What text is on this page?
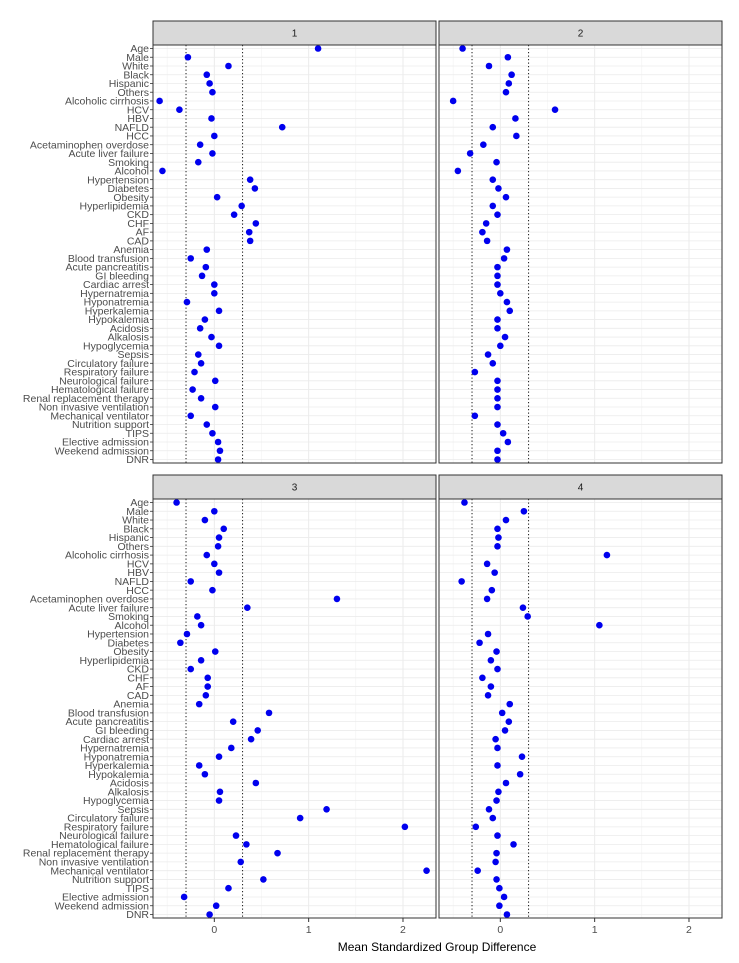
1	2
3	4
Age
Male
White
Black
Hispanic
Others
Alcoholic cirrhosis
HCV
HBV
NAFLD
HCC
Acetaminophen overdose
Acute liver failure
Smoking
Alcohol
Hypertension
Diabetes
Obesity
Hyperlipidemia
CKD
CHF
AF
CAD
Anemia
Blood transfusion
Acute pancreatitis
GI bleeding
Cardiac arrest
Hypernatremia
Hyponatremia
Hyperkalemia
Hypokalemia
Acidosis
Alkalosis
Hypoglycemia
Sepsis
Circulatory failure
Respiratory failure
Neurological failure
Hematological failure
Renal replacement therapy
Non invasive ventilation
Mechanical ventilator
Nutrition support
TIPS
Elective admission
Weekend admission
DNR
Age
Male
White
Black
Hispanic
Others
Alcoholic cirrhosis
HCV
HBV
NAFLD
HCC
Acetaminophen overdose
Acute liver failure
Smoking
Alcohol
Hypertension
Diabetes
Obesity
Hyperlipidemia
CKD
CHF
AF
CAD
Anemia
Blood transfusion
Acute pancreatitis
GI bleeding
Cardiac arrest
Hypernatremia
Hyponatremia
Hyperkalemia
Hypokalemia
Acidosis
Alkalosis
Hypoglycemia
Sepsis
Circulatory failure
Respiratory failure
Neurological failure
Hematological failure
Renal replacement therapy
Non invasive ventilation
Mechanical ventilator
Nutrition support
TIPS
Elective admission
Weekend admission
DNR
0	1	2	0	1	2
Mean Standardized Group Difference
